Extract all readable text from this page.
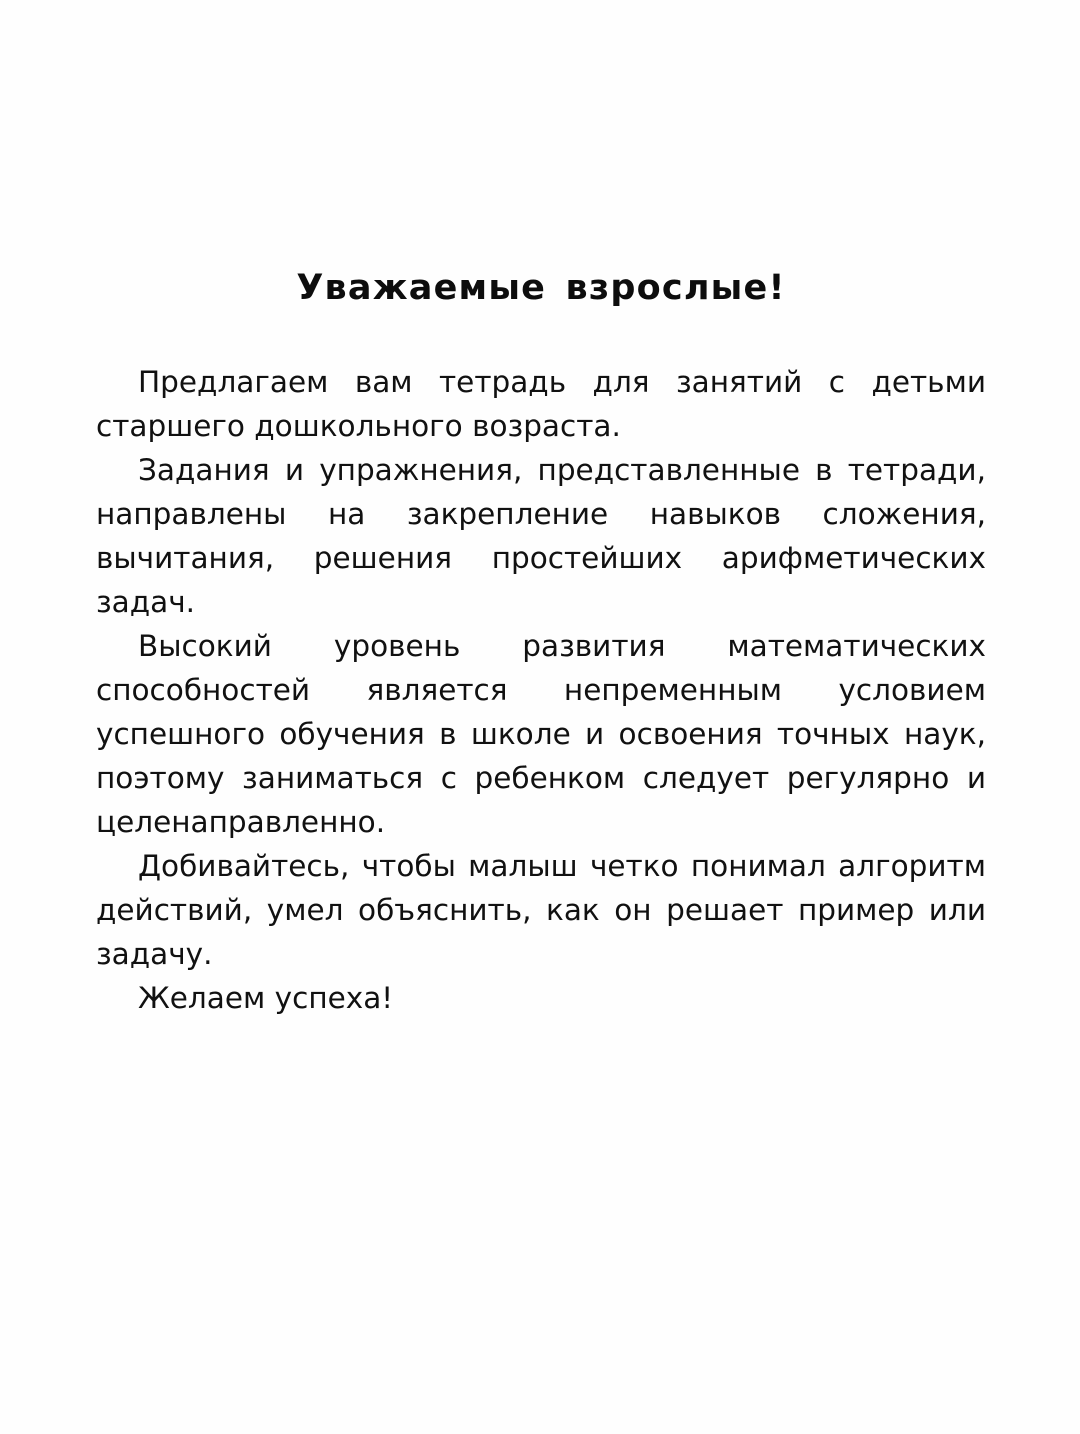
Уважаемые взрослые!

Предлагаем вам тетрадь для занятий с детьми старшего дошкольного возраста.

Задания и упражнения, представленные в тетради, направлены на закрепление навыков сложения, вычитания, решения простейших арифметических задач.

Высокий уровень развития математических способностей является непременным условием успешного обучения в школе и освоения точных наук, поэтому заниматься с ребенком следует регулярно и целенаправленно.

Добивайтесь, чтобы малыш четко понимал алгоритм действий, умел объяснить, как он решает пример или задачу.

Желаем успеха!
